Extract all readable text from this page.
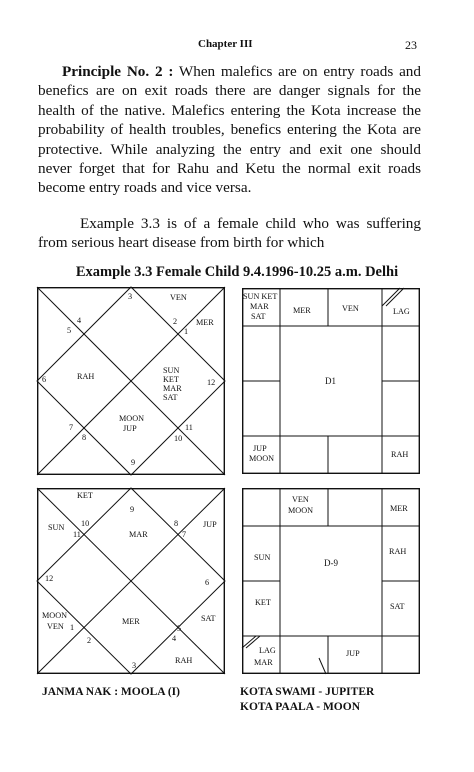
Chapter III	23

Principle No. 2 : When malefics are on entry roads and benefics are on exit roads there are danger signals for the health of the native. Malefics entering the Kota increase the probability of health troubles, benefics entering the Kota are protective. While analyzing the entry and exit one should never forget that for Rahu and Ketu the normal exit roads become entry roads and vice versa.

Example 3.3 is of a female child who was suffering from serious heart disease from birth for which

Example 3.3 Female Child 9.4.1996-10.25 a.m. Delhi
3	VEN
4
5
2
1
MER
6	RAH
SUN
KET	12
MAR
SAT
MOON
JUP
7
8
11
10
9
SUN KET
MAR
SAT
MER	VEN	LAG
D1
JUP
MOON	RAH
KET
9
10
11
SUN
MAR
8
7
JUP
12	6
MOON
VEN 1
2
MER	SAT
5
4
RAH
3
VEN
MOON	MER
SUN
RAH
D-9
KET	SAT
LAG
MAR
JUP
JANMA NAK : MOOLA (I)	KOTA SWAMI - JUPITER
KOTA PAALA - MOON
